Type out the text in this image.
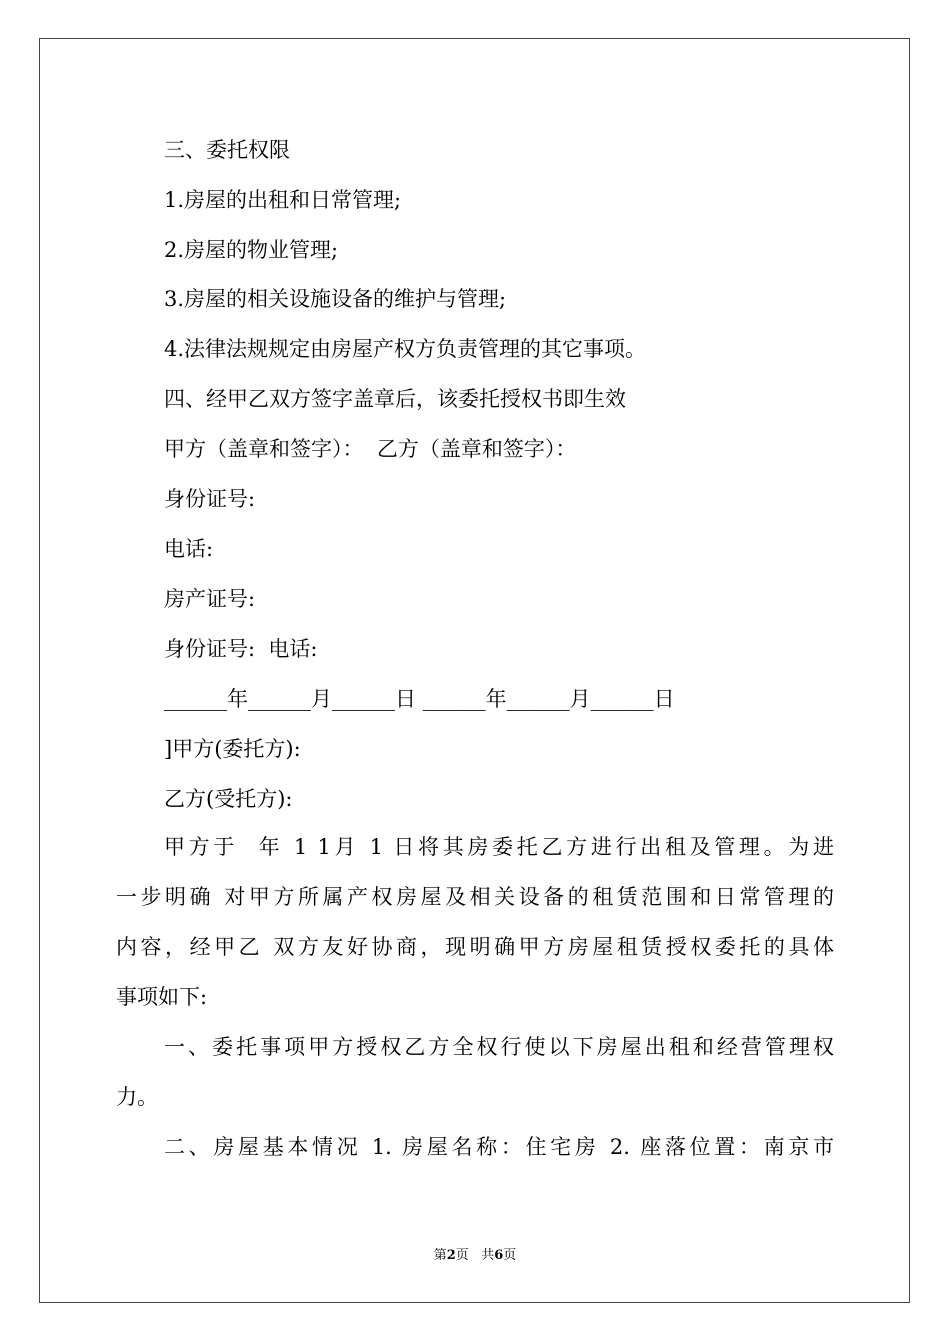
三、委托权限
1.房屋的出租和日常管理;
2.房屋的物业管理;
3.房屋的相关设施设备的维护与管理;
4.法律法规规定由房屋产权方负责管理的其它事项。
四、经甲乙双方签字盖章后，该委托授权书即生效
甲方（盖章和签字）：  乙方（盖章和签字）：
身份证号:
电话:
房产证号:
身份证号:  电话:
______年______月______日 ______年______月______日
]甲方(委托方):
乙方(受托方):
甲方于  年 1 1月 1 日将其房委托乙方进行出租及管理。为进
一步明确 对甲方所属产权房屋及相关设备的租赁范围和日常管理的
内容，经甲乙 双方友好协商，现明确甲方房屋租赁授权委托的具体
事项如下:
一、委托事项甲方授权乙方全权行使以下房屋出租和经营管理权
力。
二、房屋基本情况 1. 房屋名称：住宅房 2. 座落位置：南京市
第2页 共6页
